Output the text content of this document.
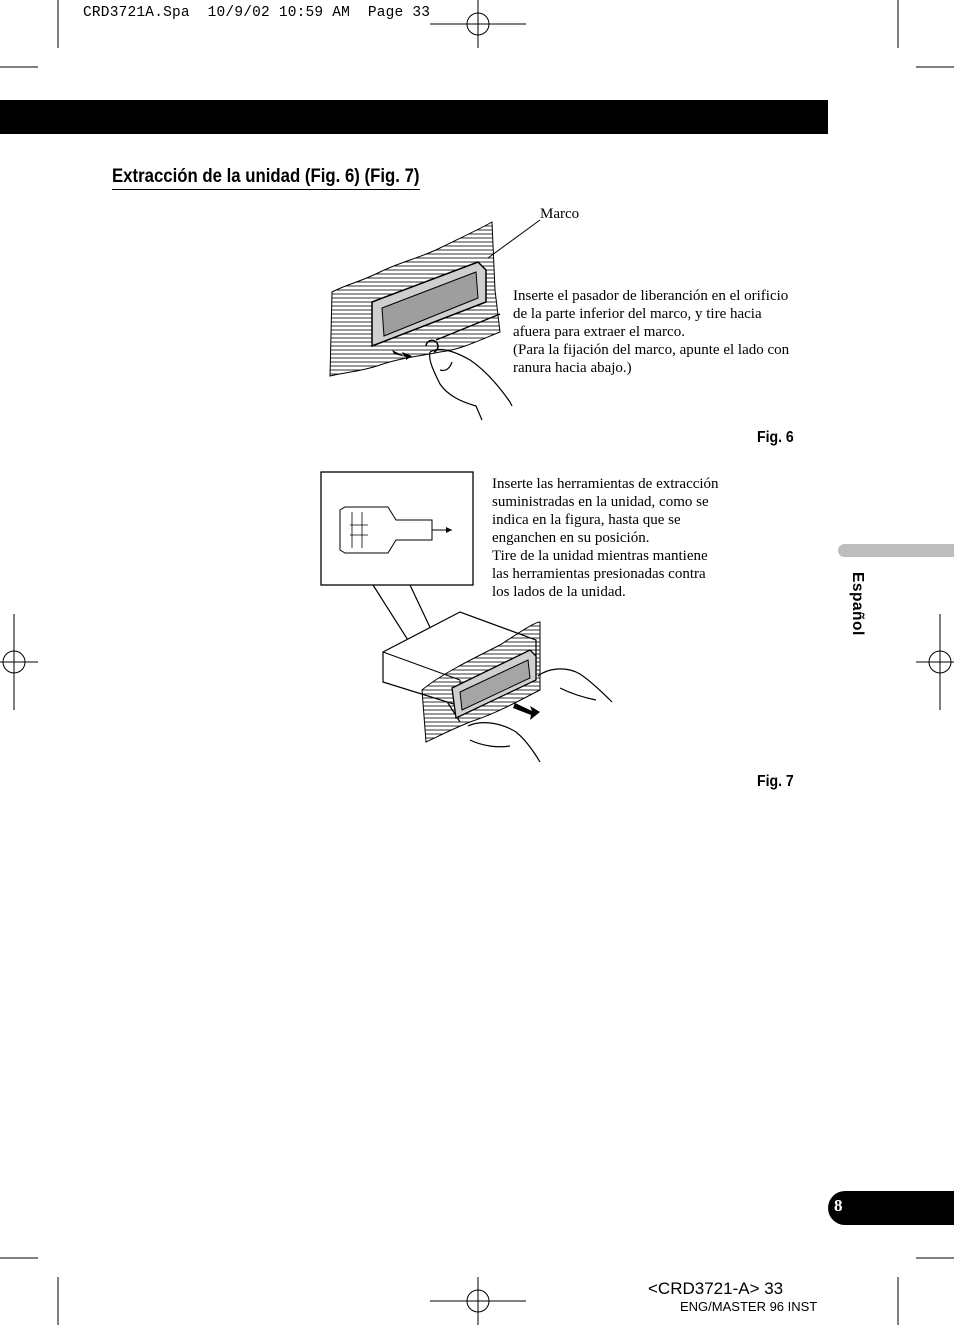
CRD3721A.Spa  10/9/02 10:59 AM  Page 33
Extracción de la unidad (Fig. 6) (Fig. 7)
Marco
Inserte el pasador de liberanción en el orificio
de la parte inferior del marco, y tire hacia
afuera para extraer el marco.
(Para la fijación del marco, apunte el lado con
ranura hacia abajo.)
Fig. 6
Inserte las herramientas de extracción
suministradas en la unidad, como se
indica en la figura, hasta que se
enganchen en su posición.
Tire de la unidad mientras mantiene
las herramientas presionadas contra
los lados de la unidad.
Fig. 7
Español
8
<CRD3721-A> 33
ENG/MASTER 96 INST
